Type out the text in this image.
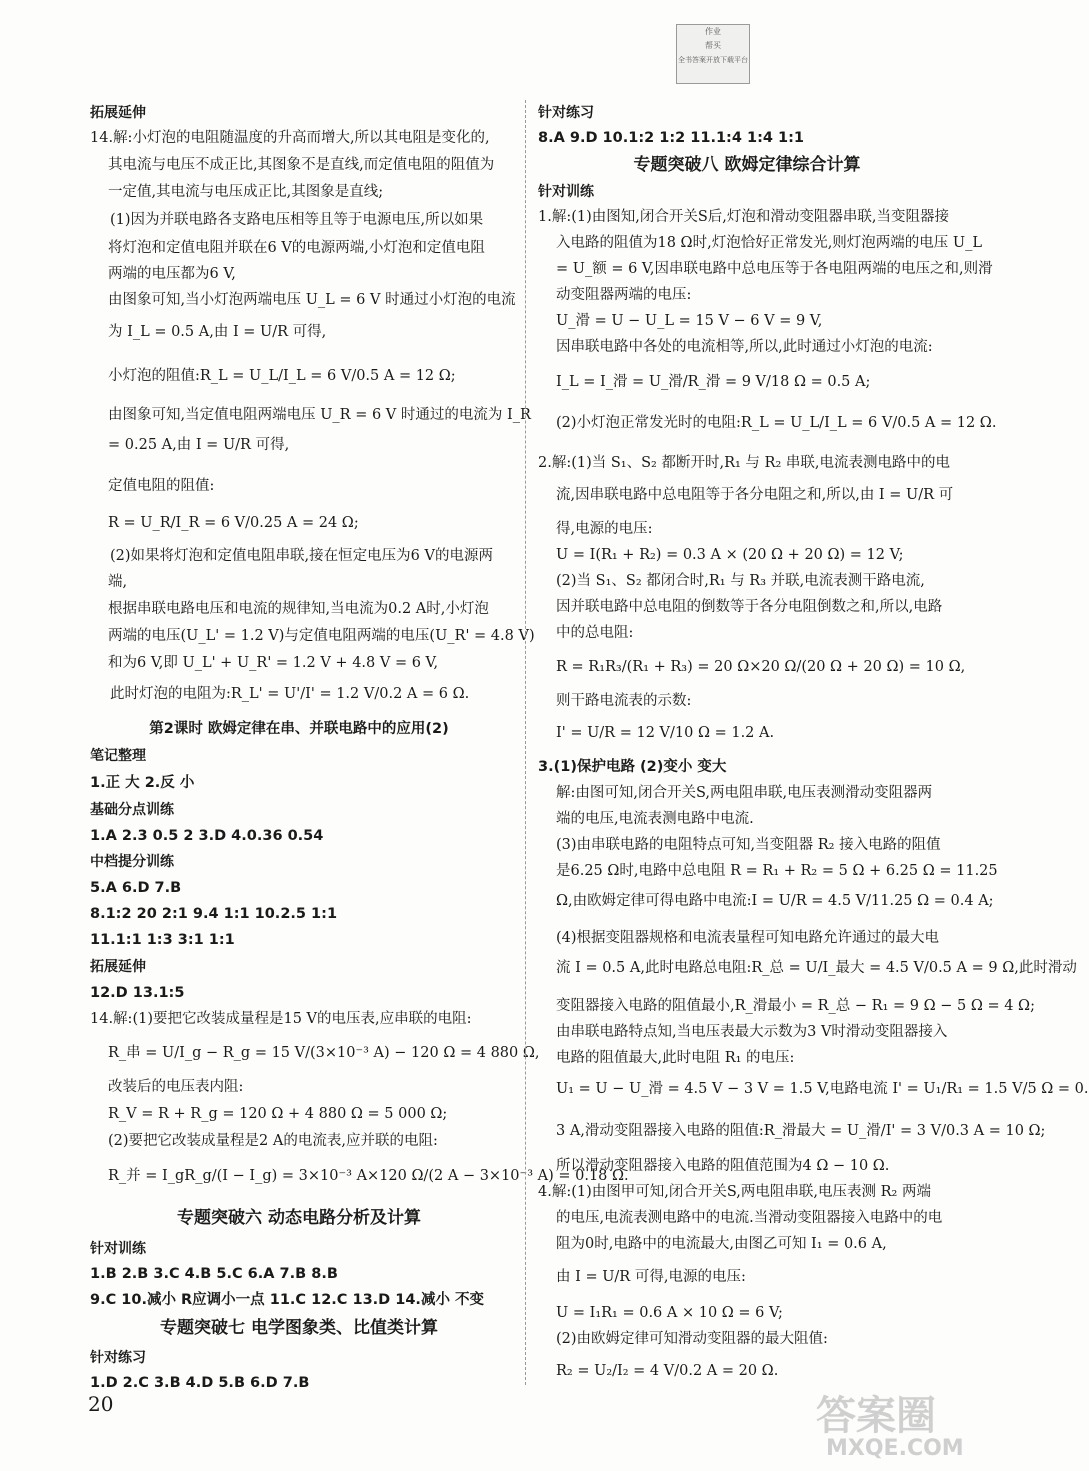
作业
帮买
全书答案开放下载平台
拓展延伸
14.解:小灯泡的电阻随温度的升高而增大,所以其电阻是变化的,
其电流与电压不成正比,其图象不是直线,而定值电阻的阻值为
一定值,其电流与电压成正比,其图象是直线;
(1)因为并联电路各支路电压相等且等于电源电压,所以如果
将灯泡和定值电阻并联在6 V的电源两端,小灯泡和定值电阻
两端的电压都为6 V,
由图象可知,当小灯泡两端电压 U_L = 6 V 时通过小灯泡的电流
为 I_L = 0.5 A,由 I = U/R 可得,
小灯泡的阻值:R_L = U_L/I_L = 6 V/0.5 A = 12 Ω;
由图象可知,当定值电阻两端电压 U_R = 6 V 时通过的电流为 I_R
= 0.25 A,由 I = U/R 可得,
定值电阻的阻值:
R = U_R/I_R = 6 V/0.25 A = 24 Ω;
(2)如果将灯泡和定值电阻串联,接在恒定电压为6 V的电源两
端,
根据串联电路电压和电流的规律知,当电流为0.2 A时,小灯泡
两端的电压(U_L' = 1.2 V)与定值电阻两端的电压(U_R' = 4.8 V)
和为6 V,即 U_L' + U_R' = 1.2 V + 4.8 V = 6 V,
此时灯泡的电阻为:R_L' = U'/I' = 1.2 V/0.2 A = 6 Ω.
第2课时 欧姆定律在串、并联电路中的应用(2)
笔记整理
1.正 大 2.反 小
基础分点训练
1.A 2.3 0.5 2 3.D 4.0.36 0.54
中档提分训练
5.A 6.D 7.B
8.1:2 20 2:1 9.4 1:1 10.2.5 1:1
11.1:1 1:3 3:1 1:1
拓展延伸
12.D 13.1:5
14.解:(1)要把它改装成量程是15 V的电压表,应串联的电阻:
R_串 = U/I_g − R_g = 15 V/(3×10⁻³ A) − 120 Ω = 4 880 Ω,
改装后的电压表内阻:
R_V = R + R_g = 120 Ω + 4 880 Ω = 5 000 Ω;
(2)要把它改装成量程是2 A的电流表,应并联的电阻:
R_并 = I_gR_g/(I − I_g) = 3×10⁻³ A×120 Ω/(2 A − 3×10⁻³ A) = 0.18 Ω.
专题突破六 动态电路分析及计算
针对训练
1.B 2.B 3.C 4.B 5.C 6.A 7.B 8.B
9.C 10.减小 R应调小一点 11.C 12.C 13.D 14.减小 不变
专题突破七 电学图象类、比值类计算
针对练习
1.D 2.C 3.B 4.D 5.B 6.D 7.B
针对练习
8.A 9.D 10.1:2 1:2 11.1:4 1:4 1:1
专题突破八 欧姆定律综合计算
针对训练
1.解:(1)由图知,闭合开关S后,灯泡和滑动变阻器串联,当变阻器接
入电路的阻值为18 Ω时,灯泡恰好正常发光,则灯泡两端的电压 U_L
= U_额 = 6 V,因串联电路中总电压等于各电阻两端的电压之和,则滑
动变阻器两端的电压:
U_滑 = U − U_L = 15 V − 6 V = 9 V,
因串联电路中各处的电流相等,所以,此时通过小灯泡的电流:
I_L = I_滑 = U_滑/R_滑 = 9 V/18 Ω = 0.5 A;
(2)小灯泡正常发光时的电阻:R_L = U_L/I_L = 6 V/0.5 A = 12 Ω.
2.解:(1)当 S₁、S₂ 都断开时,R₁ 与 R₂ 串联,电流表测电路中的电
流,因串联电路中总电阻等于各分电阻之和,所以,由 I = U/R 可
得,电源的电压:
U = I(R₁ + R₂) = 0.3 A × (20 Ω + 20 Ω) = 12 V;
(2)当 S₁、S₂ 都闭合时,R₁ 与 R₃ 并联,电流表测干路电流,
因并联电路中总电阻的倒数等于各分电阻倒数之和,所以,电路
中的总电阻:
R = R₁R₃/(R₁ + R₃) = 20 Ω×20 Ω/(20 Ω + 20 Ω) = 10 Ω,
则干路电流表的示数:
I' = U/R = 12 V/10 Ω = 1.2 A.
3.(1)保护电路 (2)变小 变大
解:由图可知,闭合开关S,两电阻串联,电压表测滑动变阻器两
端的电压,电流表测电路中电流.
(3)由串联电路的电阻特点可知,当变阻器 R₂ 接入电路的阻值
是6.25 Ω时,电路中总电阻 R = R₁ + R₂ = 5 Ω + 6.25 Ω = 11.25
Ω,由欧姆定律可得电路中电流:I = U/R = 4.5 V/11.25 Ω = 0.4 A;
(4)根据变阻器规格和电流表量程可知电路允许通过的最大电
流 I = 0.5 A,此时电路总电阻:R_总 = U/I_最大 = 4.5 V/0.5 A = 9 Ω,此时滑动
变阻器接入电路的阻值最小,R_滑最小 = R_总 − R₁ = 9 Ω − 5 Ω = 4 Ω;
由串联电路特点知,当电压表最大示数为3 V时滑动变阻器接入
电路的阻值最大,此时电阻 R₁ 的电压:
U₁ = U − U_滑 = 4.5 V − 3 V = 1.5 V,电路电流 I' = U₁/R₁ = 1.5 V/5 Ω = 0.
3 A,滑动变阻器接入电路的阻值:R_滑最大 = U_滑/I' = 3 V/0.3 A = 10 Ω;
所以滑动变阻器接入电路的阻值范围为4 Ω − 10 Ω.
4.解:(1)由图甲可知,闭合开关S,两电阻串联,电压表测 R₂ 两端
的电压,电流表测电路中的电流.当滑动变阻器接入电路中的电
阻为0时,电路中的电流最大,由图乙可知 I₁ = 0.6 A,
由 I = U/R 可得,电源的电压:
U = I₁R₁ = 0.6 A × 10 Ω = 6 V;
(2)由欧姆定律可知滑动变阻器的最大阻值:
R₂ = U₂/I₂ = 4 V/0.2 A = 20 Ω.
20	答案圈
MXQE.COM
